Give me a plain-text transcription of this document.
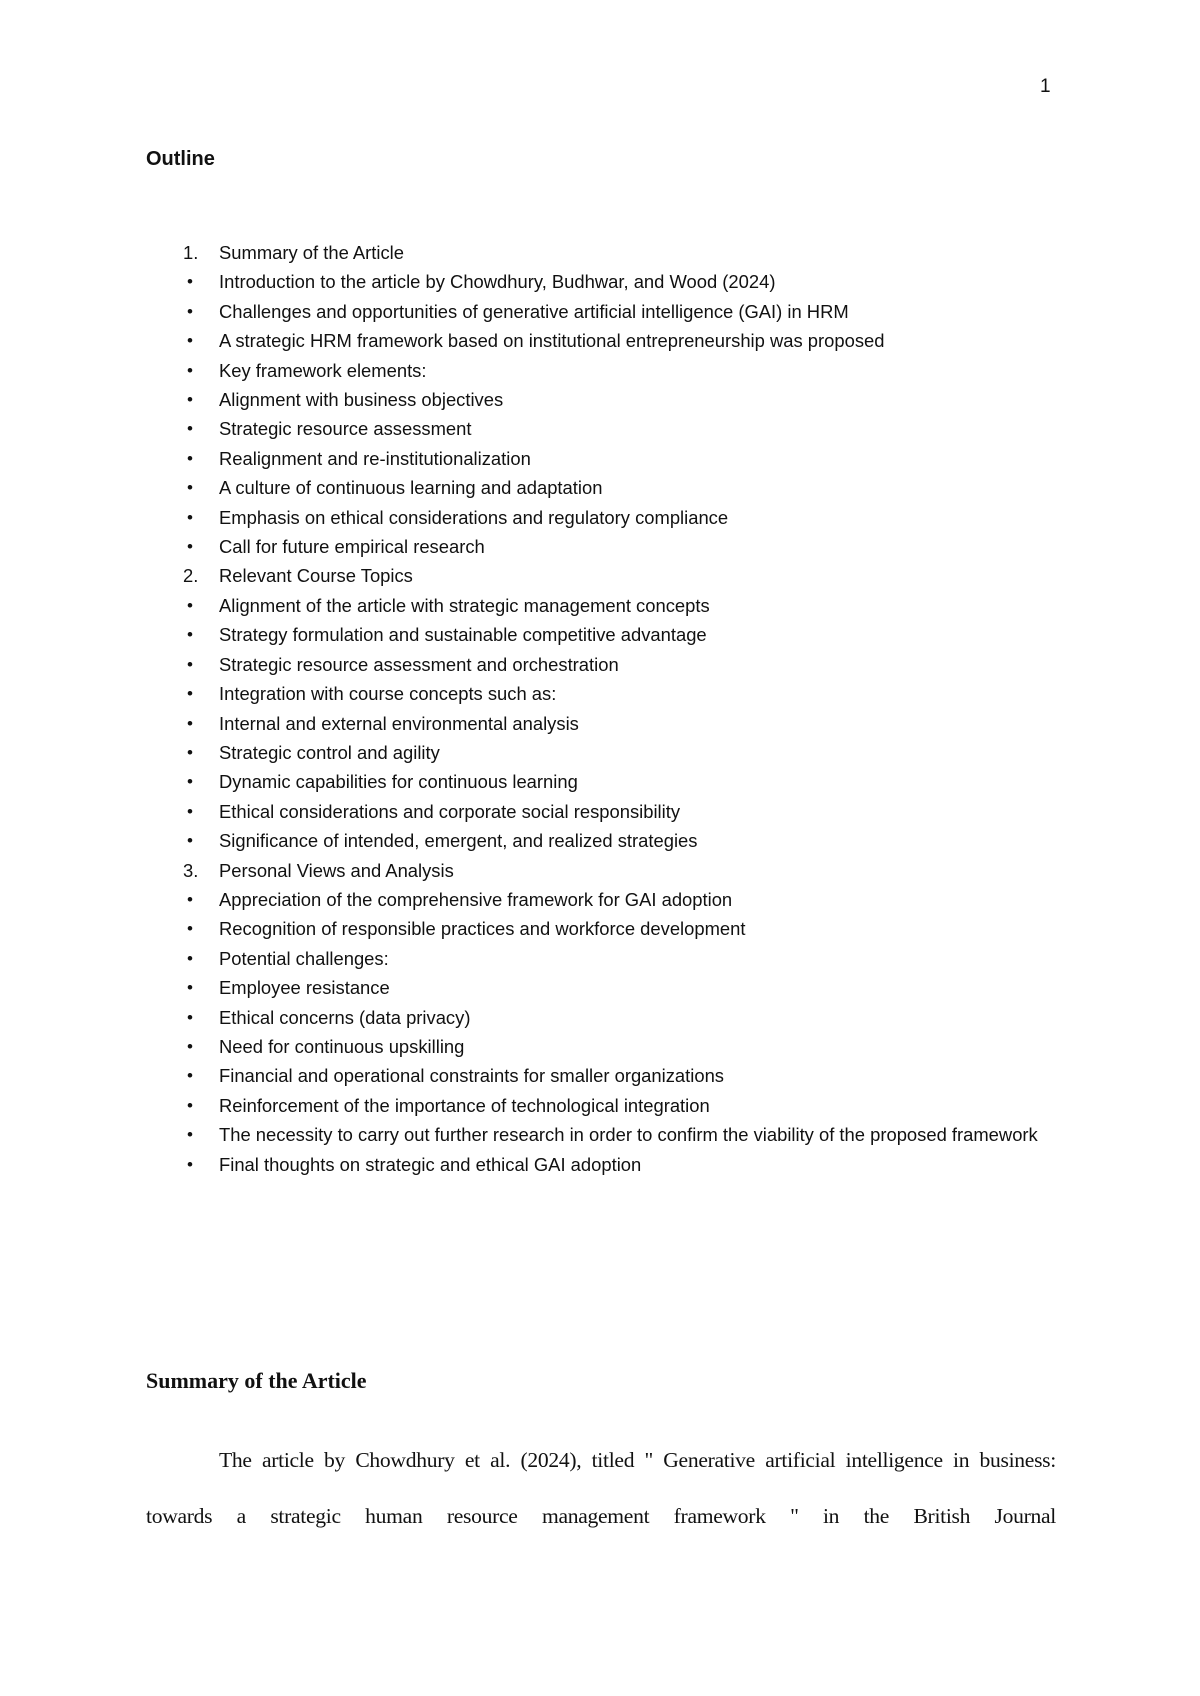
1
Outline
1. Summary of the Article
• Introduction to the article by Chowdhury, Budhwar, and Wood (2024)
• Challenges and opportunities of generative artificial intelligence (GAI) in HRM
• A strategic HRM framework based on institutional entrepreneurship was proposed
• Key framework elements:
• Alignment with business objectives
• Strategic resource assessment
• Realignment and re-institutionalization
• A culture of continuous learning and adaptation
• Emphasis on ethical considerations and regulatory compliance
• Call for future empirical research
2. Relevant Course Topics
• Alignment of the article with strategic management concepts
• Strategy formulation and sustainable competitive advantage
• Strategic resource assessment and orchestration
• Integration with course concepts such as:
• Internal and external environmental analysis
• Strategic control and agility
• Dynamic capabilities for continuous learning
• Ethical considerations and corporate social responsibility
• Significance of intended, emergent, and realized strategies
3. Personal Views and Analysis
• Appreciation of the comprehensive framework for GAI adoption
• Recognition of responsible practices and workforce development
• Potential challenges:
• Employee resistance
• Ethical concerns (data privacy)
• Need for continuous upskilling
• Financial and operational constraints for smaller organizations
• Reinforcement of the importance of technological integration
• The necessity to carry out further research in order to confirm the viability of the proposed framework
• Final thoughts on strategic and ethical GAI adoption
Summary of the Article

The article by Chowdhury et al. (2024), titled " Generative artificial intelligence in business: towards a strategic human resource management framework " in the British Journal
